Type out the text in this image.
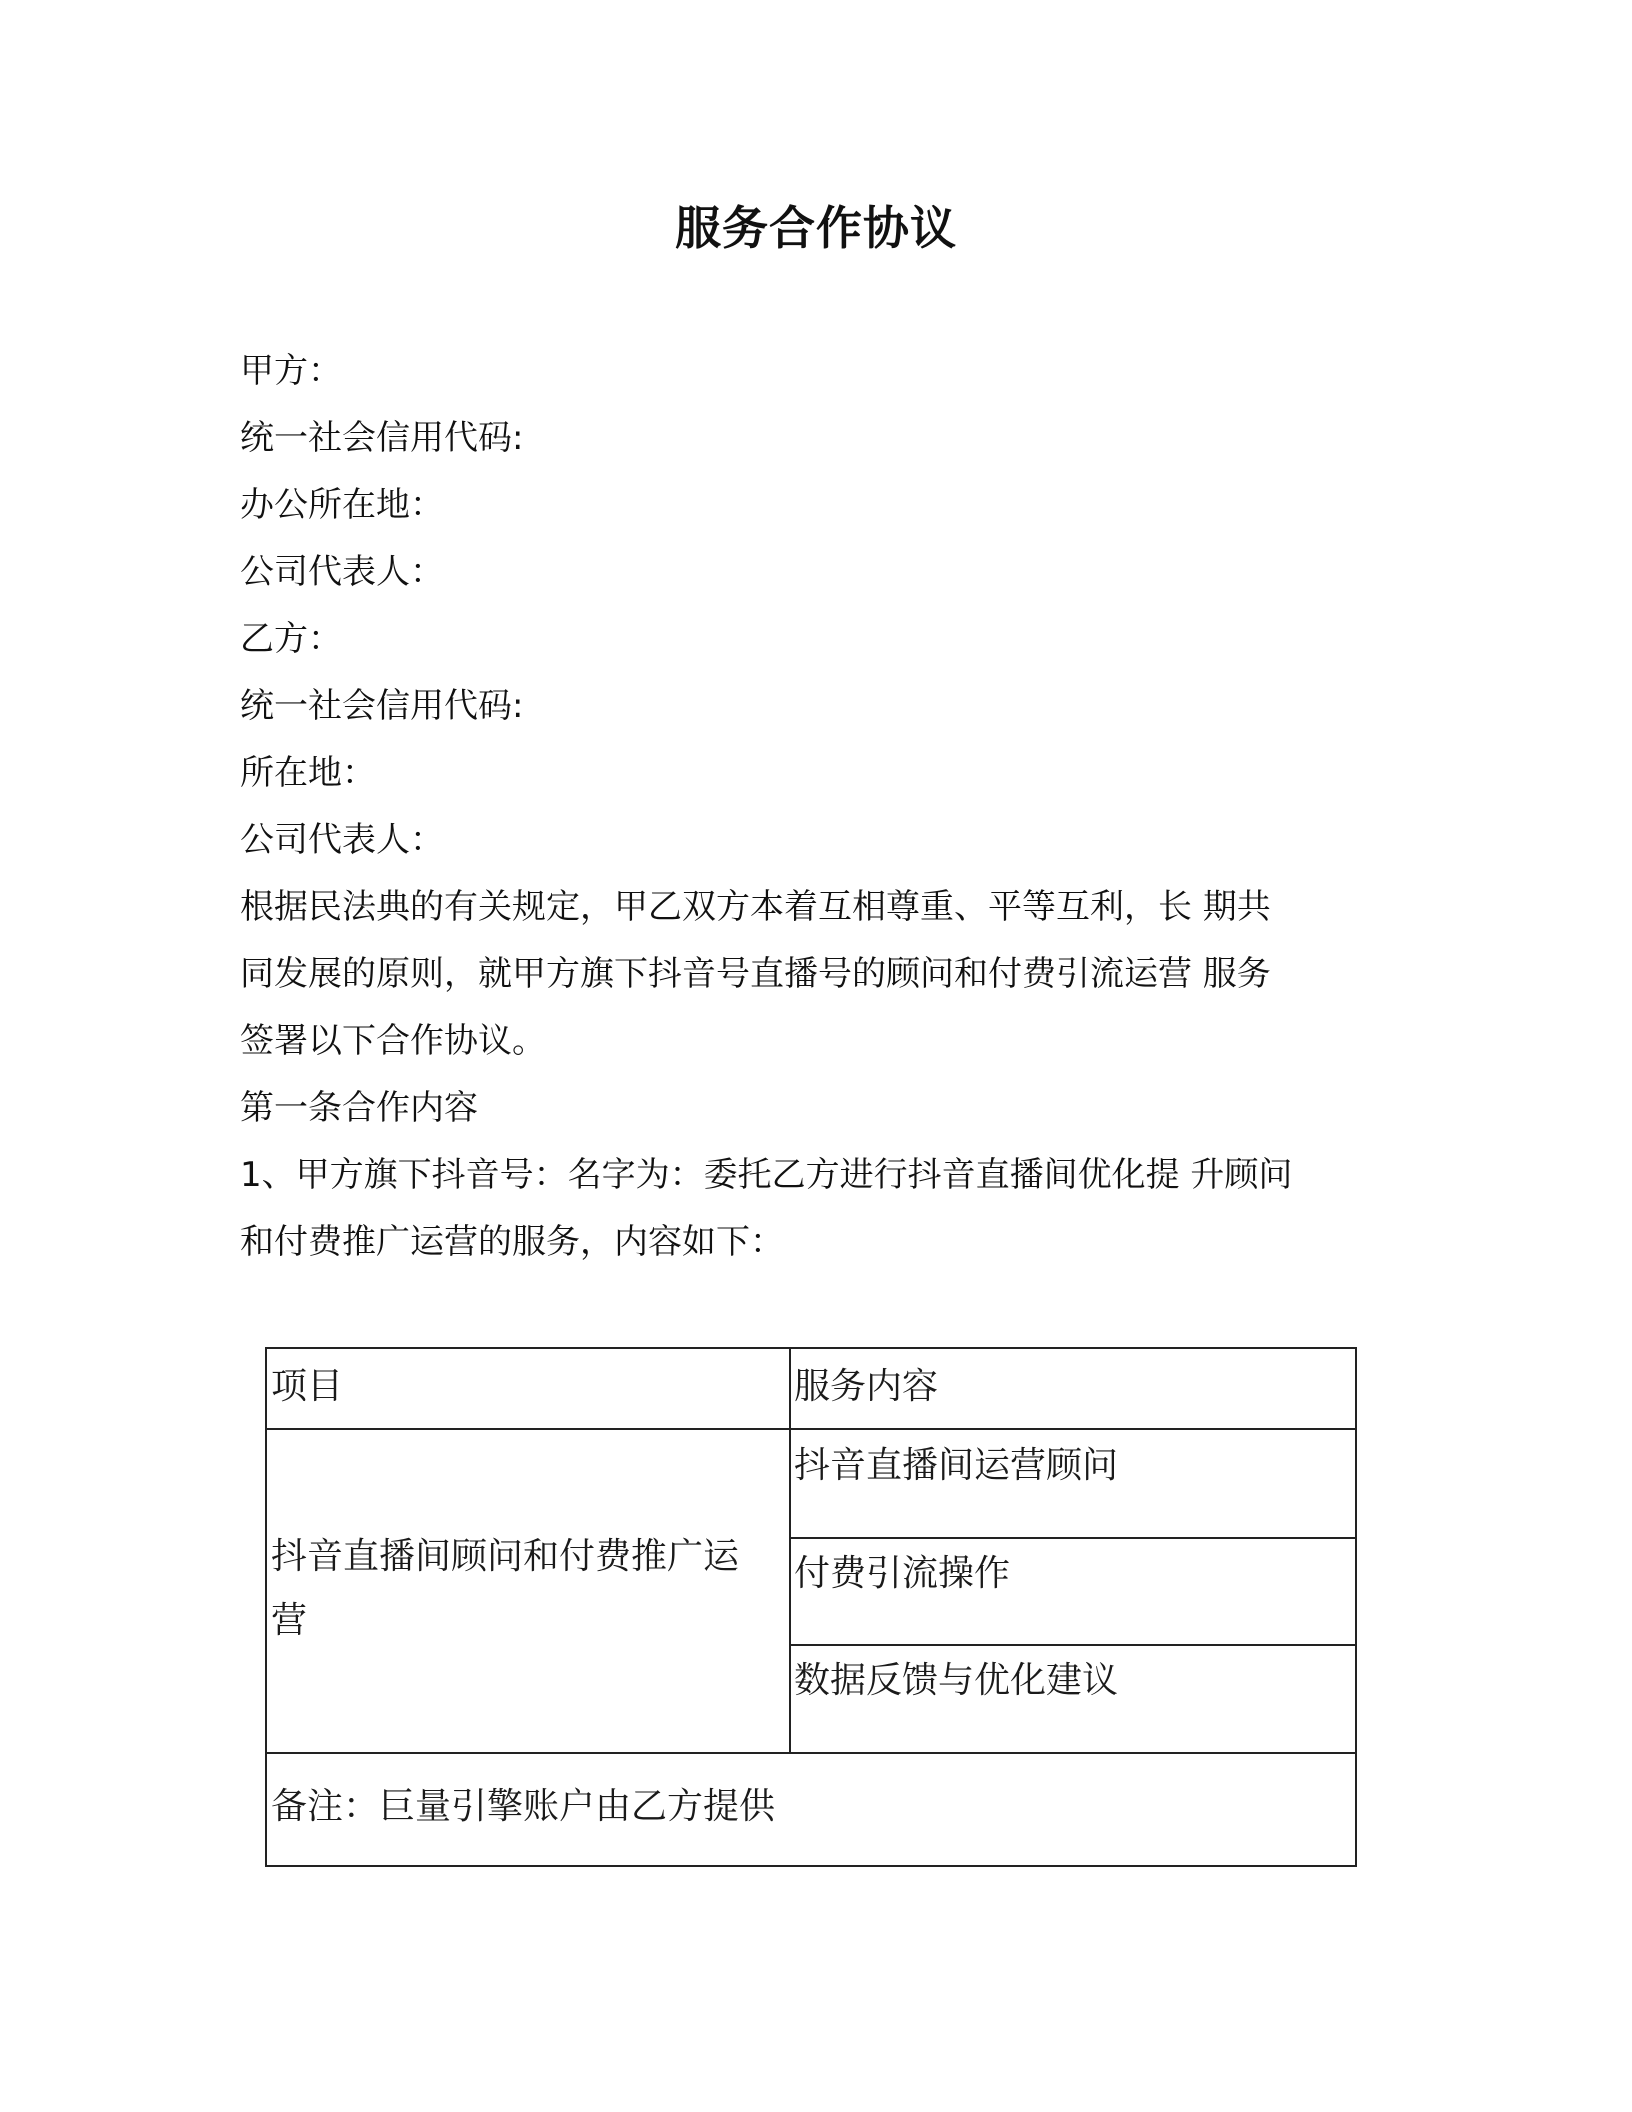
服务合作协议
甲方：
统一社会信用代码:
办公所在地：
公司代表人：
乙方：
统一社会信用代码:
所在地：
公司代表人：
根据民法典的有关规定，甲乙双方本着互相尊重、平等互利，长 期共
同发展的原则，就甲方旗下抖音号直播号的顾问和付费引流运营 服务
签署以下合作协议。
第一条合作内容
1、甲方旗下抖音号：名字为：委托乙方进行抖音直播间优化提 升顾问
和付费推广运营的服务，内容如下：
项目	服务内容
抖音直播间顾问和付费推广运
营
抖音直播间运营顾问
付费引流操作
数据反馈与优化建议
备注：巨量引擎账户由乙方提供
